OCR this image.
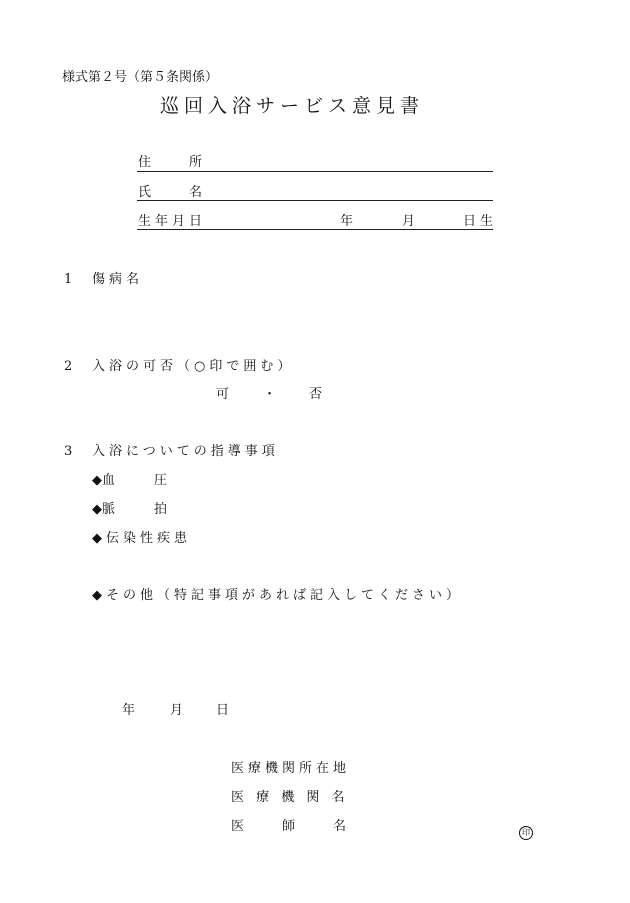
様式第２号（第５条関係）
巡回入浴サービス意見書
住　　所
氏　　名
生年月日	年	月	日生
1 傷病名
2 入浴の可否（○印で囲む）
可	・	否
3 入浴についての指導事項
◆血　　　圧
◆脈　　　拍
◆伝染性疾患
◆その他（特記事項があれば記入してください）
年	月	日
医療機関所在地
医 療 機 関 名
医　　師　　名	印
